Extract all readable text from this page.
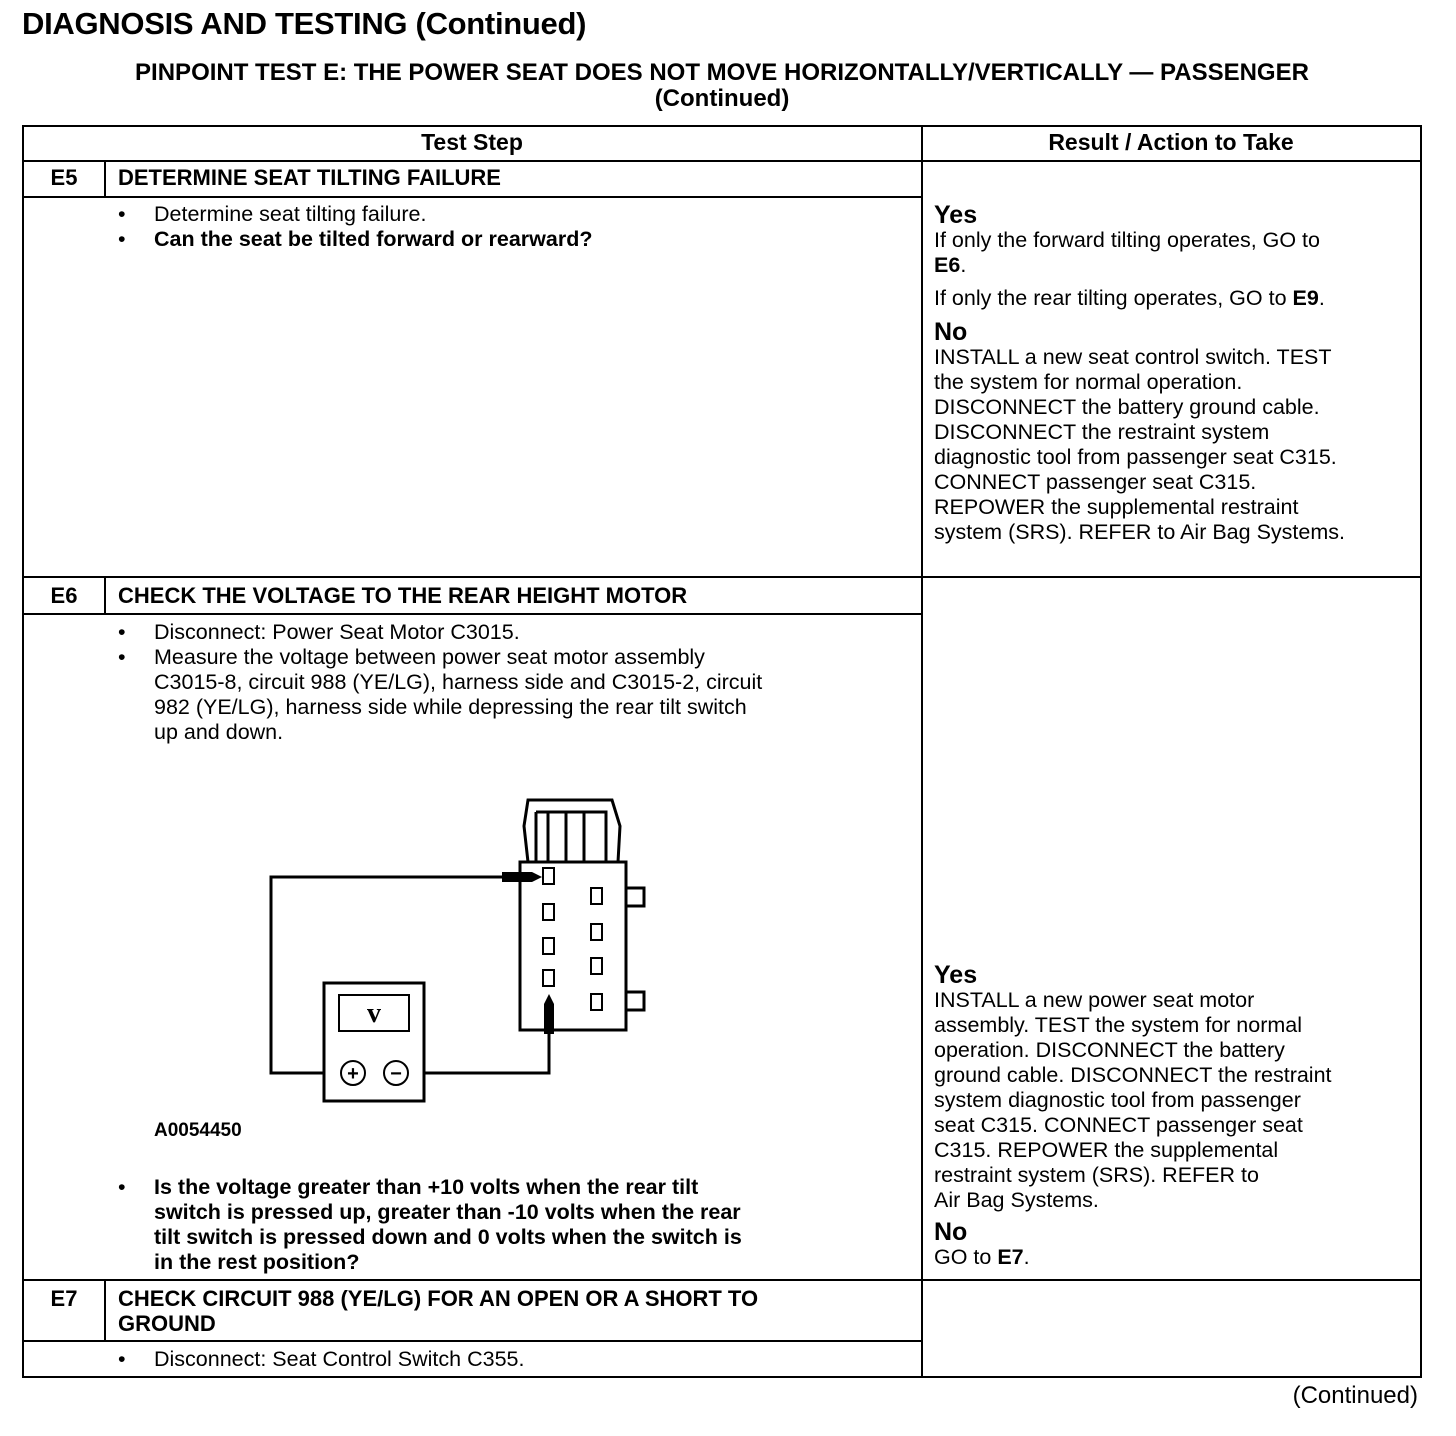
DIAGNOSIS AND TESTING (Continued)
PINPOINT TEST E: THE POWER SEAT DOES NOT MOVE HORIZONTALLY/VERTICALLY — PASSENGER
(Continued)
Test Step	Result / Action to Take
E5	DETERMINE SEAT TILTING FAILURE
• Determine seat tilting failure.
• Can the seat be tilted forward or rearward?
Yes
If only the forward tilting operates, GO to
E6.
If only the rear tilting operates, GO to E9.
No
INSTALL a new seat control switch. TEST
the system for normal operation.
DISCONNECT the battery ground cable.
DISCONNECT the restraint system
diagnostic tool from passenger seat C315.
CONNECT passenger seat C315.
REPOWER the supplemental restraint
system (SRS). REFER to Air Bag Systems.
E6	CHECK THE VOLTAGE TO THE REAR HEIGHT MOTOR
• Disconnect: Power Seat Motor C3015.
• Measure the voltage between power seat motor assembly
C3015-8, circuit 988 (YE/LG), harness side and C3015-2, circuit
982 (YE/LG), harness side while depressing the rear tilt switch
up and down.
v
+ −
A0054450
• Is the voltage greater than +10 volts when the rear tilt
switch is pressed up, greater than -10 volts when the rear
tilt switch is pressed down and 0 volts when the switch is
in the rest position?
Yes
INSTALL a new power seat motor
assembly. TEST the system for normal
operation. DISCONNECT the battery
ground cable. DISCONNECT the restraint
system diagnostic tool from passenger
seat C315. CONNECT passenger seat
C315. REPOWER the supplemental
restraint system (SRS). REFER to
Air Bag Systems.
No
GO to E7.
E7	CHECK CIRCUIT 988 (YE/LG) FOR AN OPEN OR A SHORT TO
GROUND
• Disconnect: Seat Control Switch C355.
(Continued)
